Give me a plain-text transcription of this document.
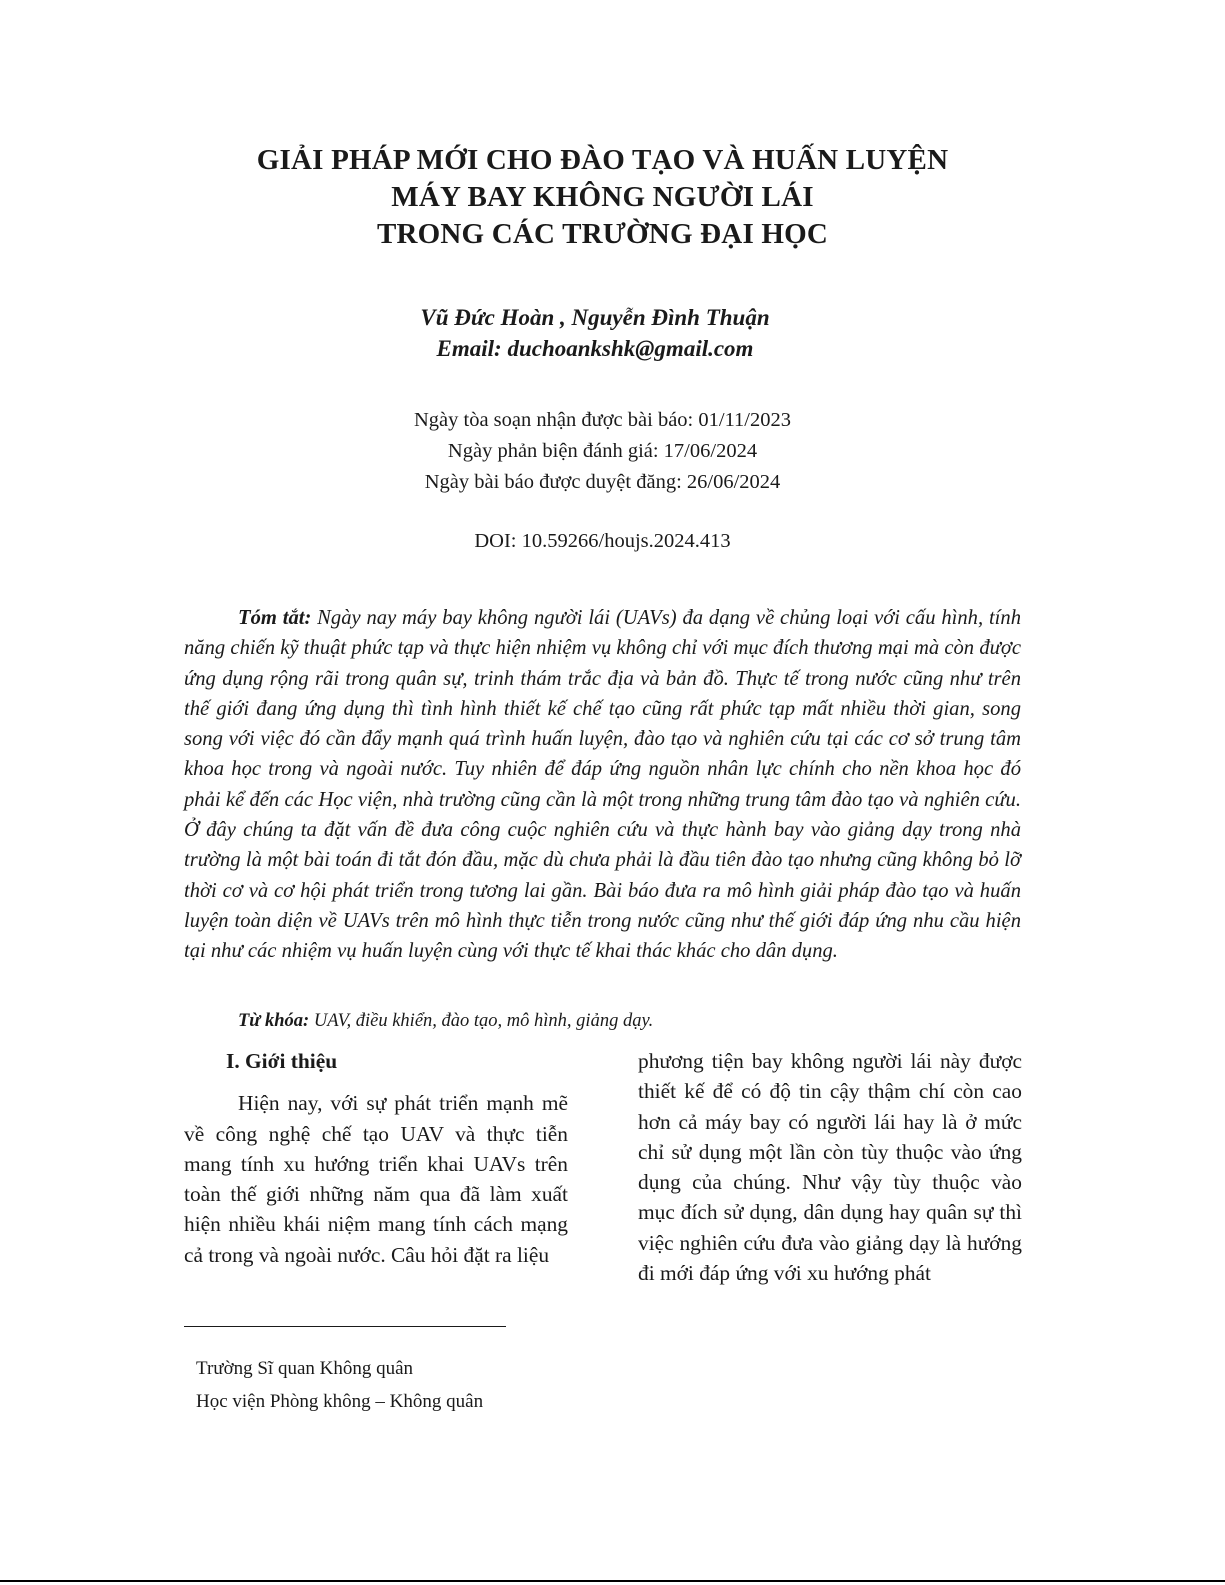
GIẢI PHÁP MỚI CHO ĐÀO TẠO VÀ HUẤN LUYỆN
MÁY BAY KHÔNG NGƯỜI LÁI
TRONG CÁC TRƯỜNG ĐẠI HỌC
Vũ Đức Hoàn , Nguyễn Đình Thuận
Email: duchoankshk@gmail.com
Ngày tòa soạn nhận được bài báo: 01/11/2023
Ngày phản biện đánh giá: 17/06/2024
Ngày bài báo được duyệt đăng: 26/06/2024
DOI: 10.59266/houjs.2024.413

Tóm tắt: Ngày nay máy bay không người lái (UAVs) đa dạng về chủng loại với cấu hình, tính năng chiến kỹ thuật phức tạp và thực hiện nhiệm vụ không chỉ với mục đích thương mại mà còn được ứng dụng rộng rãi trong quân sự, trinh thám trắc địa và bản đồ. Thực tế trong nước cũng như trên thế giới đang ứng dụng thì tình hình thiết kế chế tạo cũng rất phức tạp mất nhiều thời gian, song song với việc đó cần đẩy mạnh quá trình huấn luyện, đào tạo và nghiên cứu tại các cơ sở trung tâm khoa học trong và ngoài nước. Tuy nhiên để đáp ứng nguồn nhân lực chính cho nền khoa học đó phải kể đến các Học viện, nhà trường cũng cần là một trong những trung tâm đào tạo và nghiên cứu. Ở đây chúng ta đặt vấn đề đưa công cuộc nghiên cứu và thực hành bay vào giảng dạy trong nhà trường là một bài toán đi tắt đón đầu, mặc dù chưa phải là đầu tiên đào tạo nhưng cũng không bỏ lỡ thời cơ và cơ hội phát triển trong tương lai gần. Bài báo đưa ra mô hình giải pháp đào tạo và huấn luyện toàn diện về UAVs trên mô hình thực tiễn trong nước cũng như thế giới đáp ứng nhu cầu hiện tại như các nhiệm vụ huấn luyện cùng với thực tế khai thác khác cho dân dụng.

Từ khóa: UAV, điều khiển, đào tạo, mô hình, giảng dạy.
I. Giới thiệu
Hiện nay, với sự phát triển mạnh mẽ về công nghệ chế tạo UAV và thực tiễn mang tính xu hướng triển khai UAVs trên toàn thế giới những năm qua đã làm xuất hiện nhiều khái niệm mang tính cách mạng cả trong và ngoài nước. Câu hỏi đặt ra liệu
phương tiện bay không người lái này được thiết kế để có độ tin cậy thậm chí còn cao hơn cả máy bay có người lái hay là ở mức chỉ sử dụng một lần còn tùy thuộc vào ứng dụng của chúng. Như vậy tùy thuộc vào mục đích sử dụng, dân dụng hay quân sự thì việc nghiên cứu đưa vào giảng dạy là hướng đi mới đáp ứng với xu hướng phát
Trường Sĩ quan Không quân
Học viện Phòng không – Không quân
